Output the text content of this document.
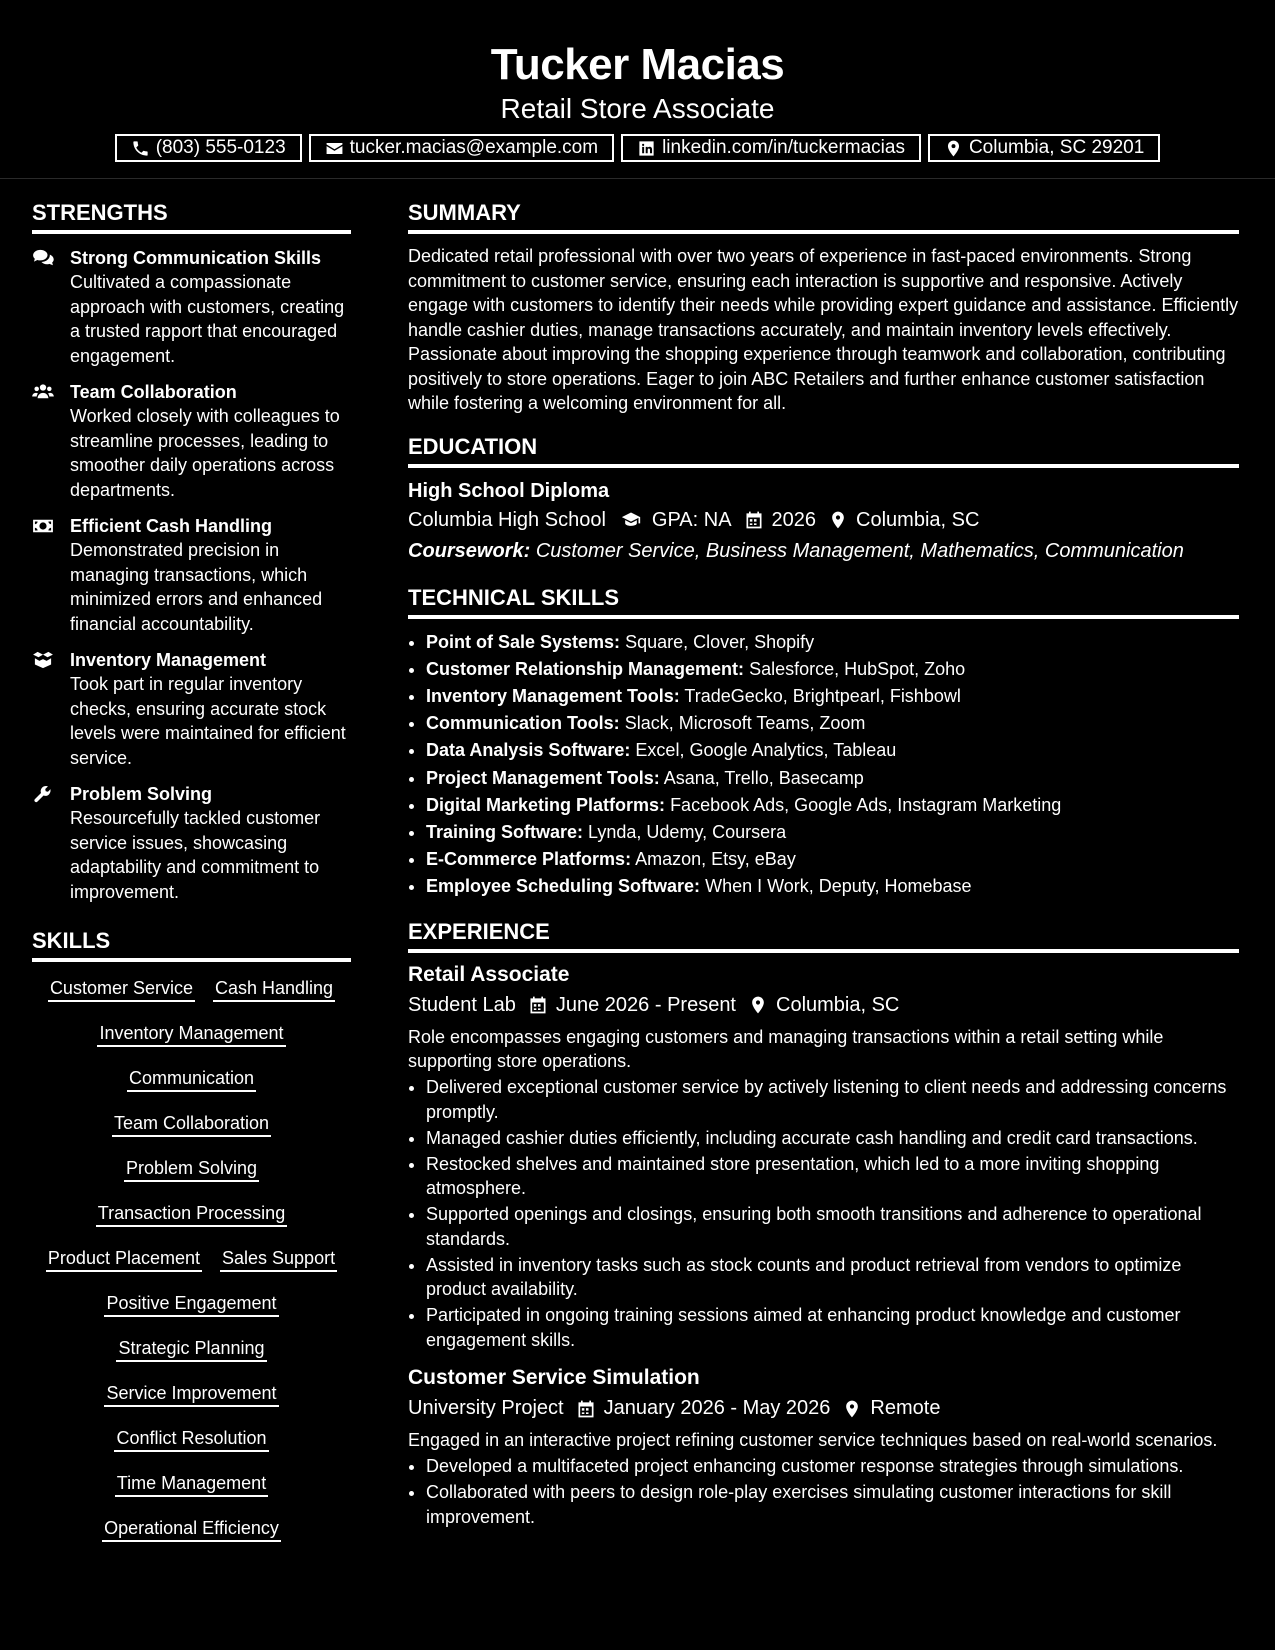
Tucker Macias
Retail Store Associate
(803) 555-0123	tucker.macias@example.com	linkedin.com/in/tuckermacias	Columbia, SC 29201
STRENGTHS
Strong Communication Skills
Cultivated a compassionate approach with customers, creating a trusted rapport that encouraged engagement.
Team Collaboration
Worked closely with colleagues to streamline processes, leading to smoother daily operations across departments.
Efficient Cash Handling
Demonstrated precision in managing transactions, which minimized errors and enhanced financial accountability.
Inventory Management
Took part in regular inventory checks, ensuring accurate stock levels were maintained for efficient service.
Problem Solving
Resourcefully tackled customer service issues, showcasing adaptability and commitment to improvement.
SKILLS
Customer Service Cash Handling
Inventory Management
Communication
Team Collaboration
Problem Solving
Transaction Processing
Product Placement Sales Support
Positive Engagement
Strategic Planning
Service Improvement
Conflict Resolution
Time Management
Operational Efficiency
SUMMARY
Dedicated retail professional with over two years of experience in fast-paced environments. Strong commitment to customer service, ensuring each interaction is supportive and responsive. Actively engage with customers to identify their needs while providing expert guidance and assistance. Efficiently handle cashier duties, manage transactions accurately, and maintain inventory levels effectively. Passionate about improving the shopping experience through teamwork and collaboration, contributing positively to store operations. Eager to join ABC Retailers and further enhance customer satisfaction while fostering a welcoming environment for all.
EDUCATION
High School Diploma
Columbia High School GPA: NA 2026 Columbia, SC
Coursework: Customer Service, Business Management, Mathematics, Communication
TECHNICAL SKILLS
• Point of Sale Systems: Square, Clover, Shopify
• Customer Relationship Management: Salesforce, HubSpot, Zoho
• Inventory Management Tools: TradeGecko, Brightpearl, Fishbowl
• Communication Tools: Slack, Microsoft Teams, Zoom
• Data Analysis Software: Excel, Google Analytics, Tableau
• Project Management Tools: Asana, Trello, Basecamp
• Digital Marketing Platforms: Facebook Ads, Google Ads, Instagram Marketing
• Training Software: Lynda, Udemy, Coursera
• E-Commerce Platforms: Amazon, Etsy, eBay
• Employee Scheduling Software: When I Work, Deputy, Homebase
EXPERIENCE
Retail Associate
Student Lab June 2026 - Present Columbia, SC
Role encompasses engaging customers and managing transactions within a retail setting while supporting store operations.
• Delivered exceptional customer service by actively listening to client needs and addressing concerns promptly.
• Managed cashier duties efficiently, including accurate cash handling and credit card transactions.
• Restocked shelves and maintained store presentation, which led to a more inviting shopping atmosphere.
• Supported openings and closings, ensuring both smooth transitions and adherence to operational standards.
• Assisted in inventory tasks such as stock counts and product retrieval from vendors to optimize product availability.
• Participated in ongoing training sessions aimed at enhancing product knowledge and customer engagement skills.
Customer Service Simulation
University Project January 2026 - May 2026 Remote
Engaged in an interactive project refining customer service techniques based on real-world scenarios.
• Developed a multifaceted project enhancing customer response strategies through simulations.
• Collaborated with peers to design role-play exercises simulating customer interactions for skill improvement.
